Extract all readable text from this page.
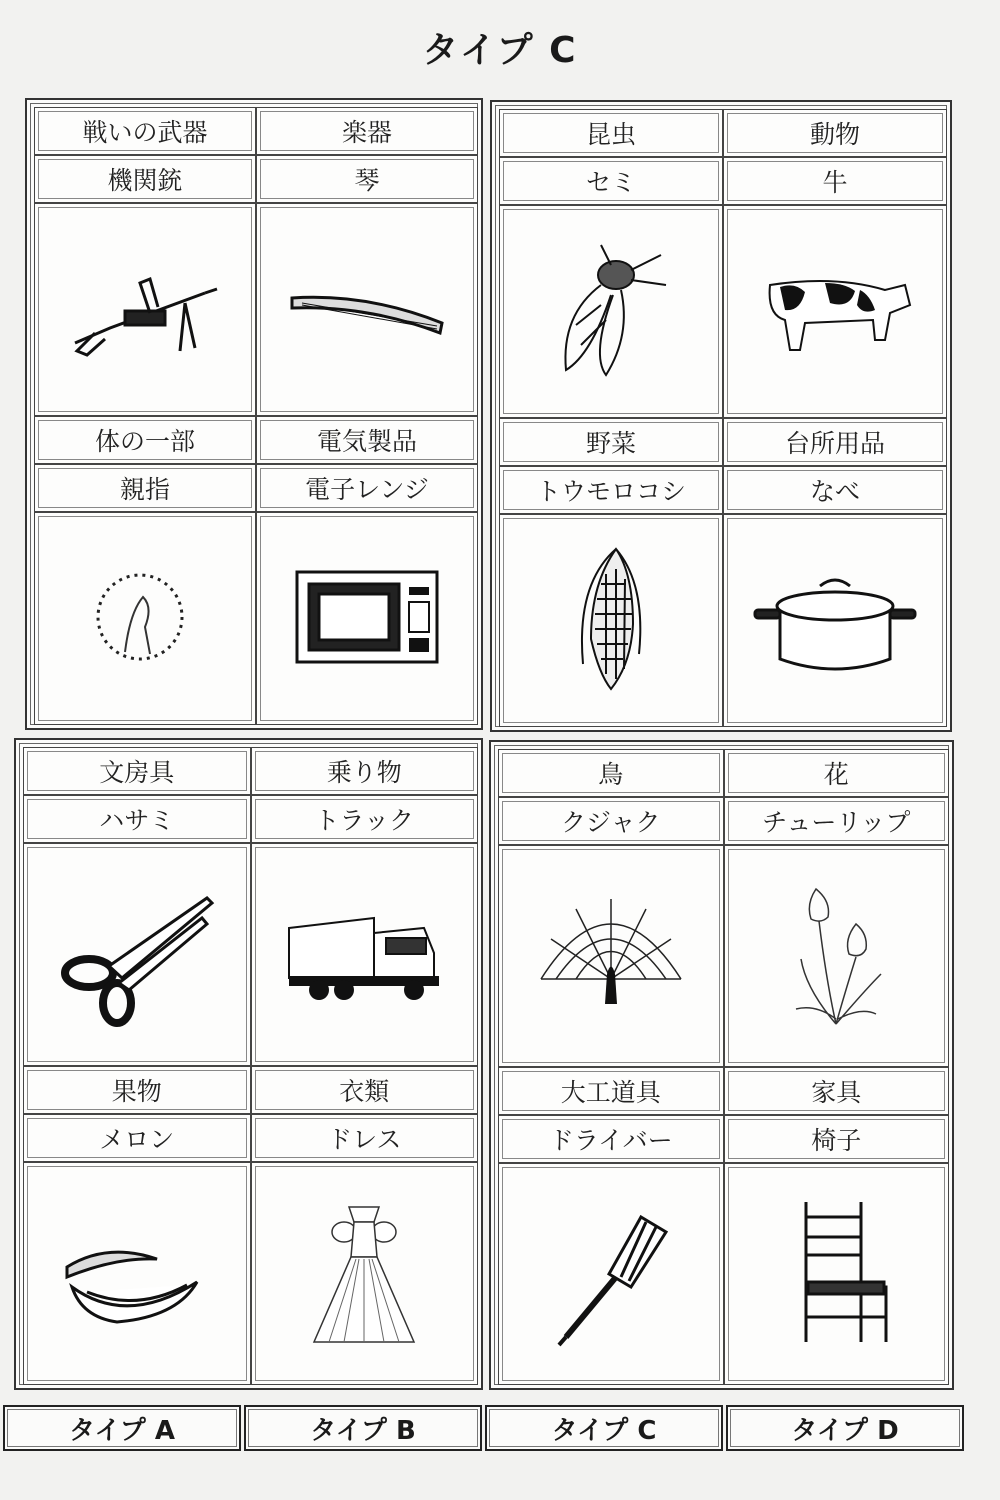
タイプ C
戦いの武器
機関銃
楽器
琴
体の一部
親指
電気製品
電子レンジ
昆虫
セミ
動物
牛
野菜
トウモロコシ
台所用品
なべ
文房具
ハサミ
乗り物
トラック
果物
メロン
衣類
ドレス
鳥
クジャク
花
チューリップ
大工道具
ドライバー
家具
椅子
タイプ A	タイプ B	タイプ C	タイプ D
